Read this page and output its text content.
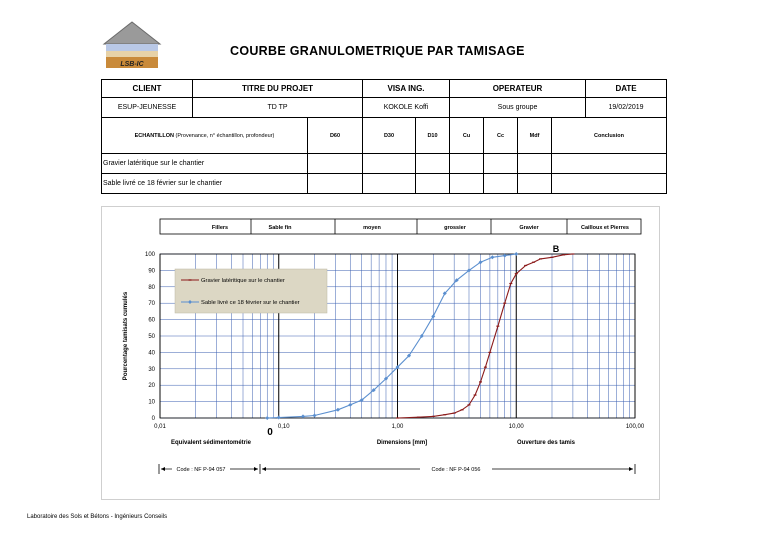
LSB-IC
COURBE GRANULOMETRIQUE PAR TAMISAGE
CLIENT	TITRE DU PROJET		VISA ING.		OPERATEUR				DATE
ESUP-JEUNESSE	TD TP		KOKOLE Koffi		Sous groupe				19/02/2019
ECHANTILLON (Provenance, n° échantillon, profondeur)		D60	D30	D10	Cu	Cc	Mdf	Conclusion	
Gravier latéritique sur le chantier									
Sable livré ce 18 février sur le chantier									
Fillers	Sable fin	moyen	grossier	Gravier	Cailloux et Pierres
0
10
20
30
40
50
60
70
80
90
100
0,01	0,10	1,00	10,00	100,00
Gravier latéritique sur le chantier
Sable livré ce 18 février sur le chantier
Pourcentage tamisats cumulés
Equivalent sédimentométrie	Dimensions [mm]	Ouverture des tamis
0
B
Code : NF P-94 057	Code : NF P-94 056
Laboratoire des Sols et Bétons - Ingénieurs Conseils
